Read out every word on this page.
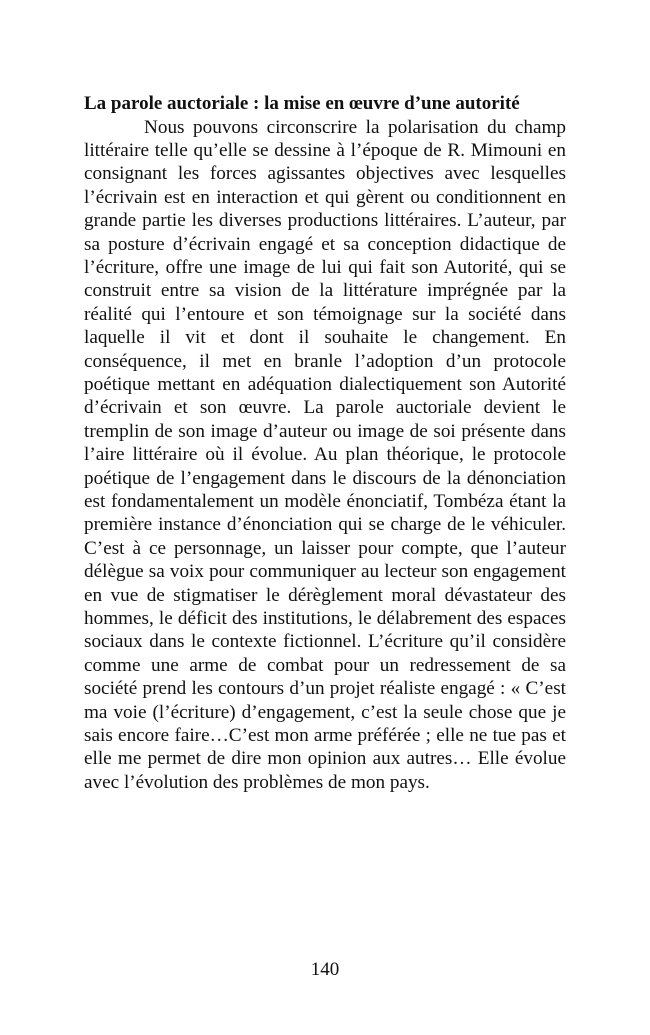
La parole auctoriale : la mise en œuvre d’une autorité

Nous pouvons circonscrire la polarisation du champ littéraire telle qu’elle se dessine à l’époque de R. Mimouni en consignant les forces agissantes objectives avec lesquelles l’écrivain est en interaction et qui gèrent ou conditionnent en grande partie les diverses productions littéraires. L’auteur, par sa posture d’écrivain engagé et sa conception didactique de l’écriture, offre une image de lui qui fait son Autorité, qui se construit entre sa vision de la littérature imprégnée par la réalité qui l’entoure et son témoignage sur la société dans laquelle il vit et dont il souhaite le changement. En conséquence, il met en branle l’adoption d’un protocole poétique mettant en adéquation dialectiquement son Autorité d’écrivain et son œuvre. La parole auctoriale devient le tremplin de son image d’auteur ou image de soi présente dans l’aire littéraire où il évolue. Au plan théorique, le protocole poétique de l’engagement dans le discours de la dénonciation est fondamentalement un modèle énonciatif, Tombéza étant la première instance d’énonciation qui se charge de le véhiculer. C’est à ce personnage, un laisser pour compte, que l’auteur délègue sa voix pour communiquer au lecteur son engagement en vue de stigmatiser le dérèglement moral dévastateur des hommes, le déficit des institutions, le délabrement des espaces sociaux dans le contexte fictionnel. L’écriture qu’il considère comme une arme de combat pour un redressement de sa société prend les contours d’un projet réaliste engagé : « C’est ma voie (l’écriture) d’engagement, c’est la seule chose que je sais encore faire…C’est mon arme préférée ; elle ne tue pas et elle me permet de dire mon opinion aux autres… Elle évolue avec l’évolution des problèmes de mon pays.

140
